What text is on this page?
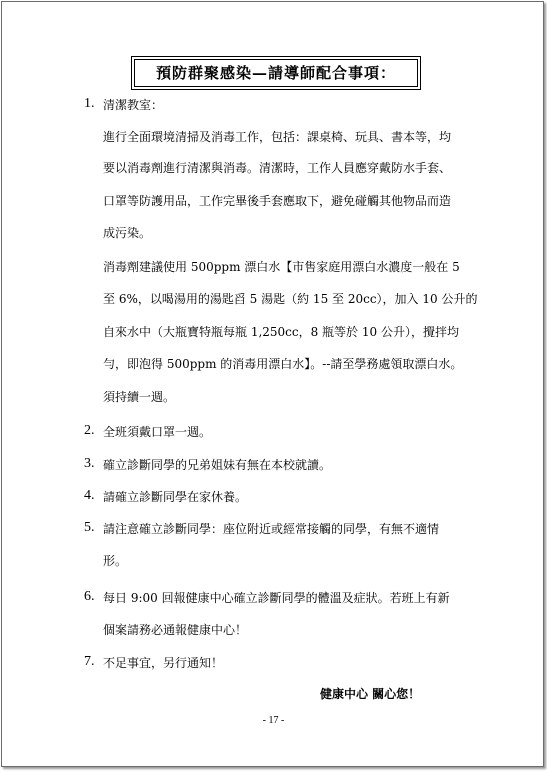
預防群聚感染—請導師配合事項：
1. 清潔教室：
進行全面環境清掃及消毒工作，包括：課桌椅、玩具、書本等，均
要以消毒劑進行清潔與消毒。清潔時，工作人員應穿戴防水手套、
口罩等防護用品，工作完畢後手套應取下，避免碰觸其他物品而造
成污染。
消毒劑建議使用 500ppm 漂白水【市售家庭用漂白水濃度一般在 5
至 6%，以喝湯用的湯匙舀 5 湯匙（約 15 至 20cc），加入 10 公升的
自來水中（大瓶寶特瓶每瓶 1,250cc，8 瓶等於 10 公升），攪拌均
勻，即泡得 500ppm 的消毒用漂白水】。--請至學務處領取漂白水。
須持續一週。
2. 全班須戴口罩一週。
3. 確立診斷同學的兄弟姐妹有無在本校就讀。
4. 請確立診斷同學在家休養。
5. 請注意確立診斷同學：座位附近或經常接觸的同學，有無不適情
形。
6. 每日 9:00 回報健康中心確立診斷同學的體溫及症狀。若班上有新
個案請務必通報健康中心！
7. 不足事宜，另行通知！
健康中心 關心您！
- 17 -
